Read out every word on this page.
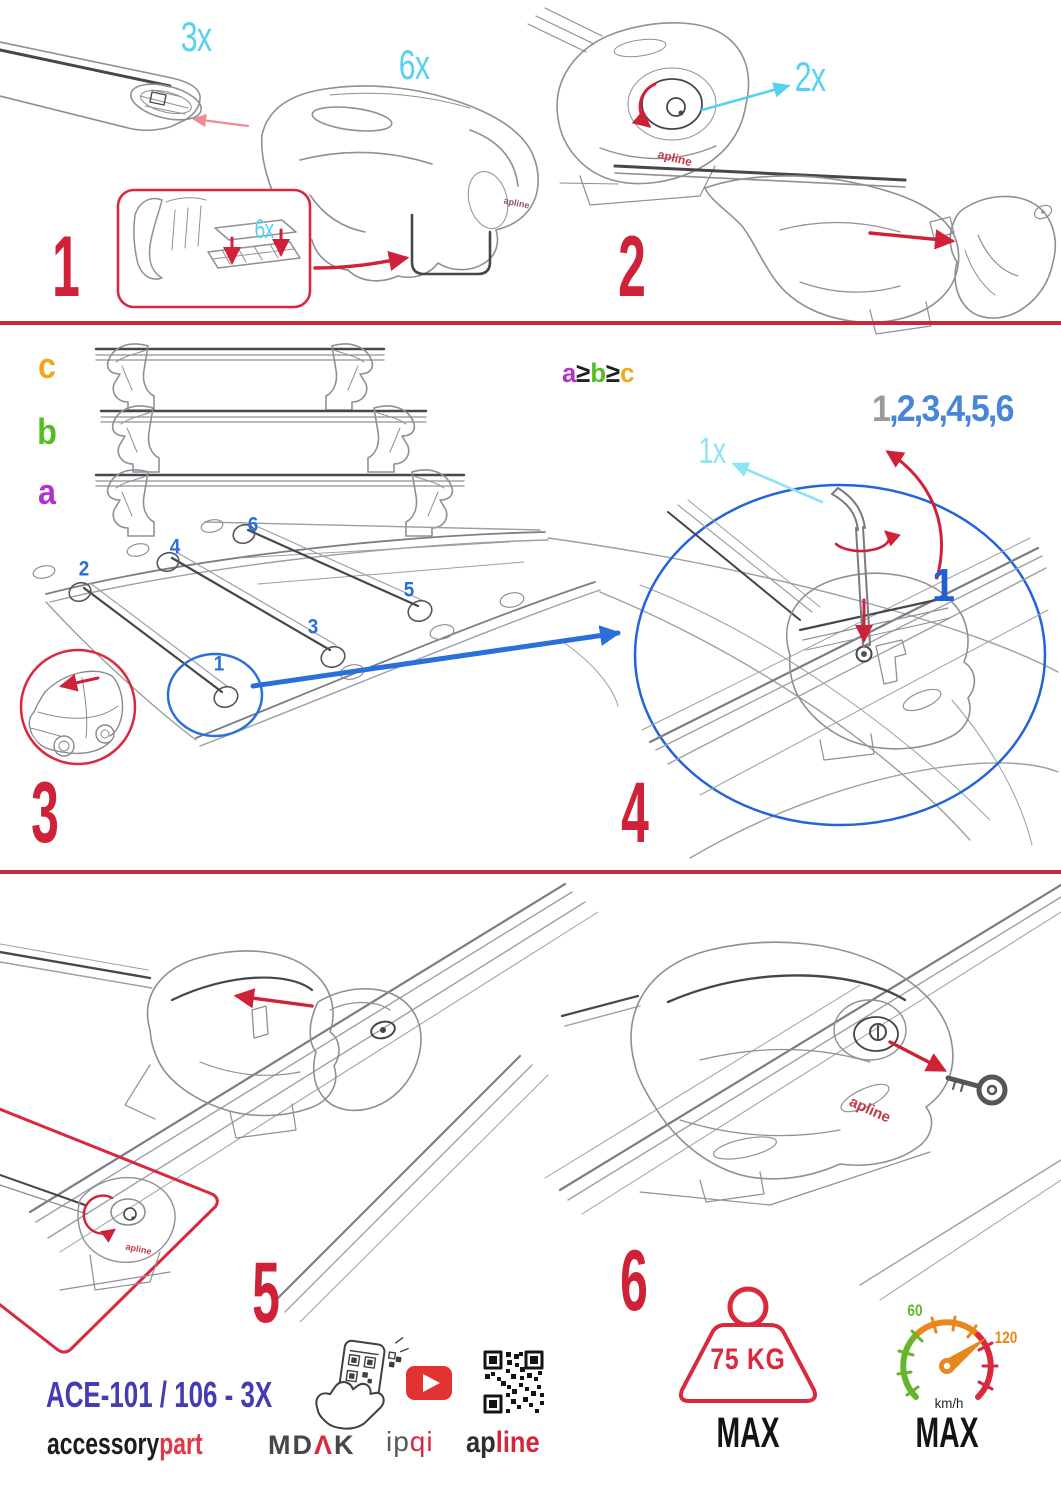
apline
apline
apline
apline
3x
6x
6x
2x
1x
1	2
3	4
5	6
c
b
a
a≥b≥c
1
2
3
4
5
6
1,2,3,4,5,6
1
ACE-101 / 106 - 3X
accessorypart MDΛK ipqi apline
75 KG
MAX
60
120
km/h
MAX
